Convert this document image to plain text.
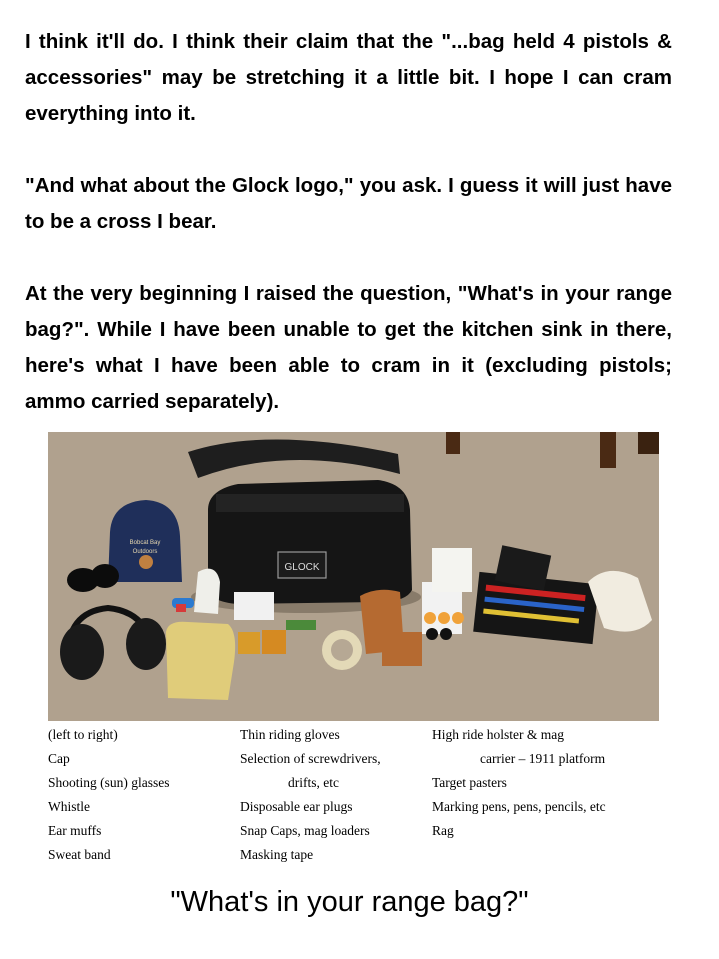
I think it'll do. I think their claim that the "...bag held 4 pistols & accessories" may be stretching it a little bit. I hope I can cram everything into it.

"And what about the Glock logo," you ask. I guess it will just have to be a cross I bear.

At the very beginning I raised the question, "What's in your range bag?". While I have been unable to get the kitchen sink in there, here's what I have been able to cram in it (excluding pistols; ammo carried separately).

GLOCK
Bobcat Bay
Outdoors
(left to right)
Cap
Shooting (sun) glasses
Whistle
Ear muffs
Sweat band
Thin riding gloves
Selection of screwdrivers,
drifts, etc
Disposable ear plugs
Snap Caps, mag loaders
Masking tape
High ride holster & mag
carrier – 1911 platform
Target pasters
Marking pens, pens, pencils, etc
Rag
"What's in your range bag?"
